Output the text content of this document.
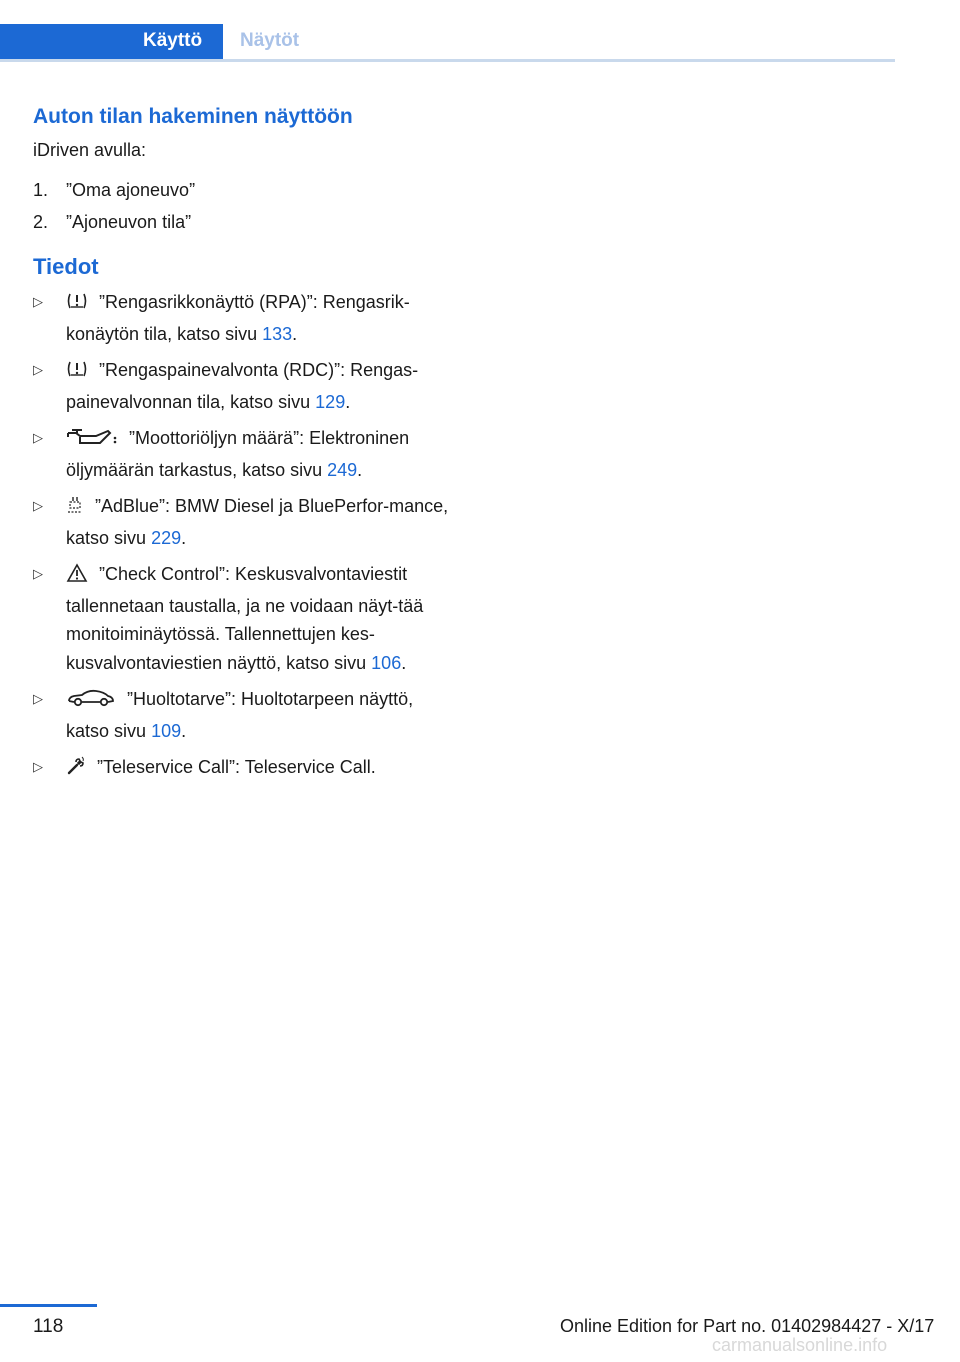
Käyttö	Näytöt
Auton tilan hakeminen näyttöön

iDriven avulla:

1. ”Oma ajoneuvo”
2. ”Ajoneuvon tila”
Tiedot
▷	”Rengasrikkonäyttö (RPA)”: Rengasrik-konäytön tila, katso sivu 133.
▷	”Rengaspainevalvonta (RDC)”: Rengas-painevalvonnan tila, katso sivu 129.
▷	”Moottoriöljyn määrä”: Elektroninen öljymäärän tarkastus, katso sivu 249.
▷	”AdBlue”: BMW Diesel ja BluePerfor-mance, katso sivu 229.
▷	”Check Control”: Keskusvalvontaviestit tallennetaan taustalla, ja ne voidaan näyt-tää monitoiminäytössä. Tallennettujen kes-kusvalvontaviestien näyttö, katso sivu 106.
▷	”Huoltotarve”: Huoltotarpeen näyttö, katso sivu 109.
▷	”Teleservice Call”: Teleservice Call.
118	Online Edition for Part no. 01402984427 - X/17
carmanualsonline.info
